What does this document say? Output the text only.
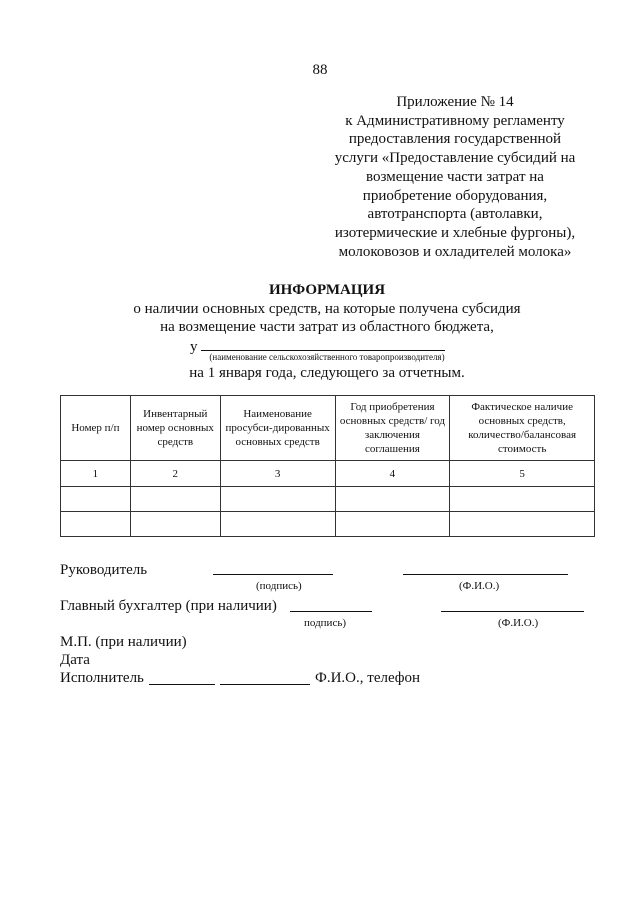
88
Приложение № 14
к Административному регламенту
предоставления государственной
услуги «Предоставление субсидий на
возмещение части затрат на
приобретение оборудования,
автотранспорта (автолавки,
изотермические и хлебные фургоны),
молоковозов и охладителей молока»
ИНФОРМАЦИЯ
о наличии основных средств, на которые получена субсидия
на возмещение части затрат из областного бюджета,
у
(наименование сельскохозяйственного товаропроизводителя)
на 1 января года, следующего за отчетным.
Номер п/п	Инвентарный номер основных средств	Наименование просубси-дированных основных средств	Год приобретения основных средств/ год заключения соглашения	Фактическое наличие основных средств, количество/балансовая стоимость
1	2	3	4	5

Руководитель
(подпись)	(Ф.И.О.)
Главный бухгалтер (при наличии)
подпись)	(Ф.И.О.)
М.П. (при наличии)
Дата
Исполнитель	Ф.И.О., телефон
